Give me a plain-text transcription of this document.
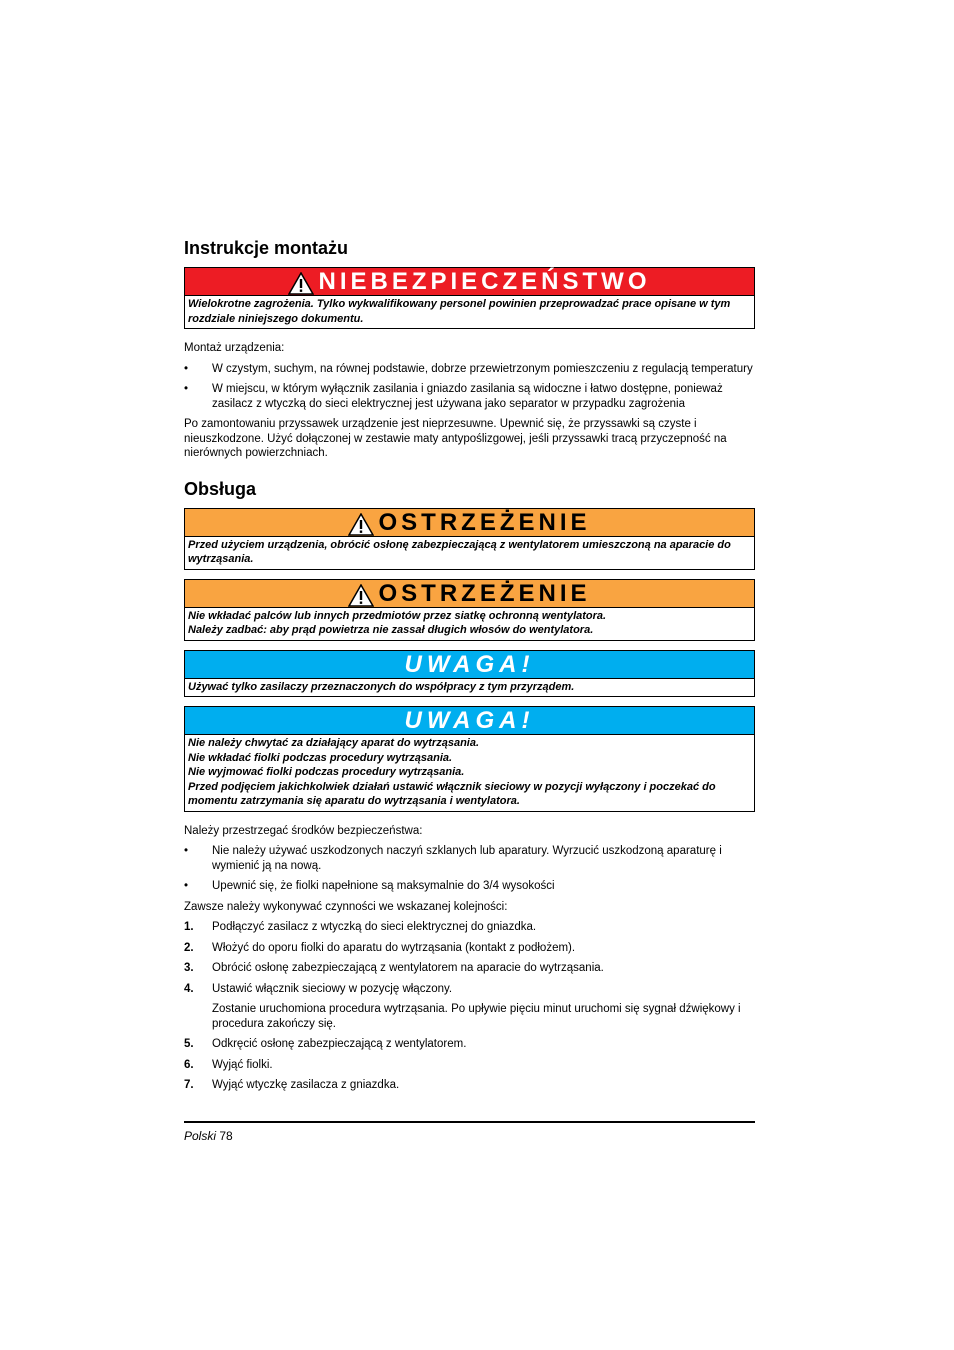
Instrukcje montażu
NIEBEZPIECZEŃSTWO
Wielokrotne zagrożenia. Tylko wykwalifikowany personel powinien przeprowadzać prace opisane w tym rozdziale niniejszego dokumentu.

Montaż urządzenia:

• W czystym, suchym, na równej podstawie, dobrze przewietrzonym pomieszczeniu z regulacją temperatury
• W miejscu, w którym wyłącznik zasilania i gniazdo zasilania są widoczne i łatwo dostępne, ponieważ zasilacz z wtyczką do sieci elektrycznej jest używana jako separator w przypadku zagrożenia

Po zamontowaniu przyssawek urządzenie jest nieprzesuwne. Upewnić się, że przyssawki są czyste i nieuszkodzone. Użyć dołączonej w zestawie maty antypoślizgowej, jeśli przyssawki tracą przyczepność na nierównych powierzchniach.

Obsługa
OSTRZEŻENIE
Przed użyciem urządzenia, obrócić osłonę zabezpieczającą z wentylatorem umieszczoną na aparacie do wytrząsania.
OSTRZEŻENIE
Nie wkładać palców lub innych przedmiotów przez siatkę ochronną wentylatora.
Należy zadbać: aby prąd powietrza nie zassał długich włosów do wentylatora.
UWAGA!
Używać tylko zasilaczy przeznaczonych do współpracy z tym przyrządem.
UWAGA!
Nie należy chwytać za działający aparat do wytrząsania.
Nie wkładać fiolki podczas procedury wytrząsania.
Nie wyjmować fiolki podczas procedury wytrząsania.
Przed podjęciem jakichkolwiek działań ustawić włącznik sieciowy w pozycji wyłączony i poczekać do momentu zatrzymania się aparatu do wytrząsania i wentylatora.

Należy przestrzegać środków bezpieczeństwa:

• Nie należy używać uszkodzonych naczyń szklanych lub aparatury. Wyrzucić uszkodzoną aparaturę i wymienić ją na nową.
• Upewnić się, że fiolki napełnione są maksymalnie do 3/4 wysokości

Zawsze należy wykonywać czynności we wskazanej kolejności:

1. Podłączyć zasilacz z wtyczką do sieci elektrycznej do gniazdka.
2. Włożyć do oporu fiolki do aparatu do wytrząsania (kontakt z podłożem).
3. Obrócić osłonę zabezpieczającą z wentylatorem na aparacie do wytrząsania.
4. Ustawić włącznik sieciowy w pozycję włączony.
Zostanie uruchomiona procedura wytrząsania. Po upływie pięciu minut uruchomi się sygnał dźwiękowy i procedura zakończy się.
5. Odkręcić osłonę zabezpieczającą z wentylatorem.
6. Wyjąć fiolki.
7. Wyjąć wtyczkę zasilacza z gniazdka.
Polski 78
